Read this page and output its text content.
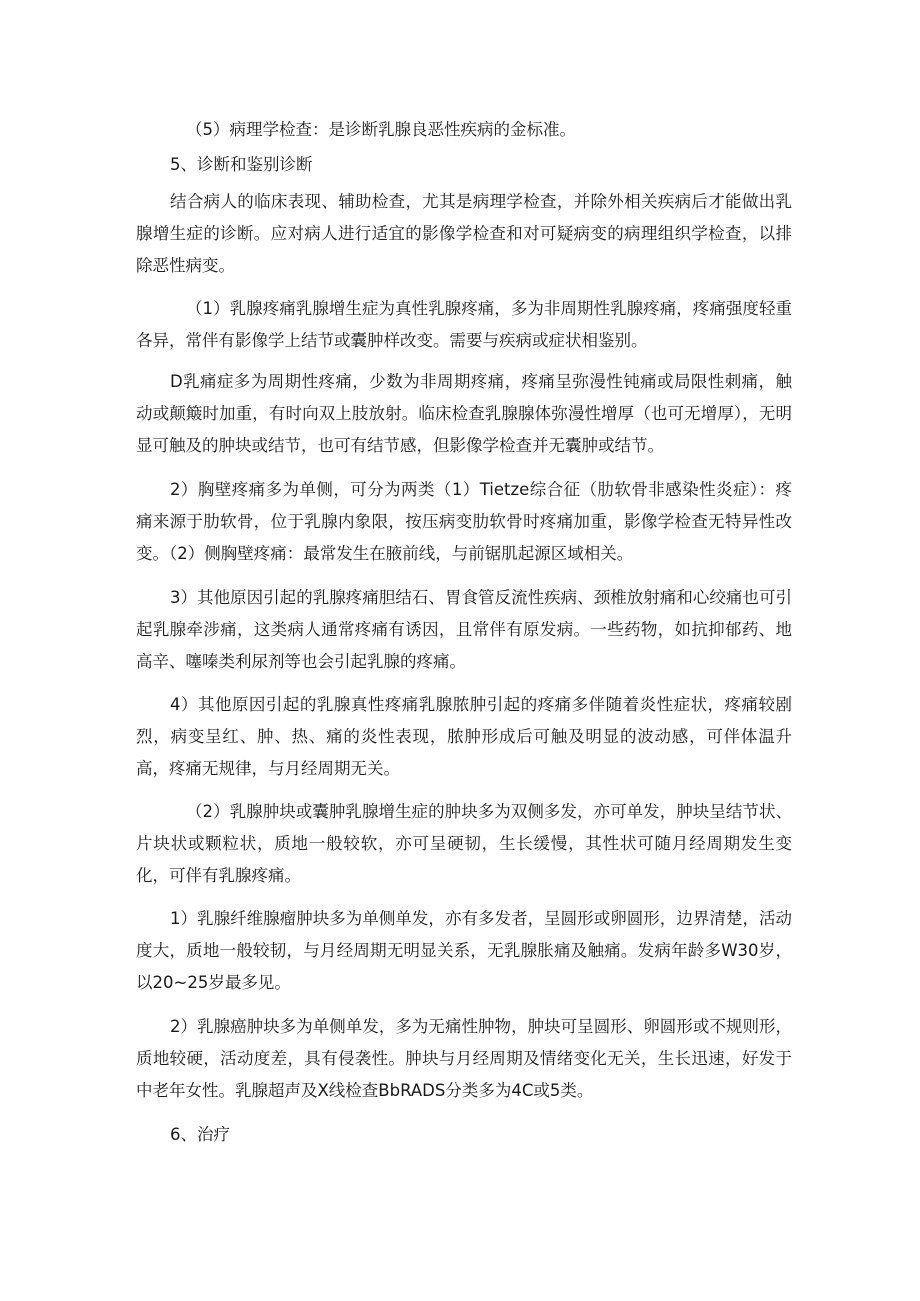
（5）病理学检查：是诊断乳腺良恶性疾病的金标准。

5、诊断和鉴别诊断

结合病人的临床表现、辅助检查，尤其是病理学检查，并除外相关疾病后才能做出乳腺增生症的诊断。应对病人进行适宜的影像学检查和对可疑病变的病理组织学检查，以排除恶性病变。

（1）乳腺疼痛乳腺增生症为真性乳腺疼痛，多为非周期性乳腺疼痛，疼痛强度轻重各异，常伴有影像学上结节或囊肿样改变。需要与疾病或症状相鉴别。

D乳痛症多为周期性疼痛，少数为非周期疼痛，疼痛呈弥漫性钝痛或局限性刺痛，触动或颠簸时加重，有时向双上肢放射。临床检查乳腺腺体弥漫性增厚（也可无增厚），无明显可触及的肿块或结节，也可有结节感，但影像学检查并无囊肿或结节。

2）胸壁疼痛多为单侧，可分为两类（1）Tietze综合征（肋软骨非感染性炎症）：疼痛来源于肋软骨，位于乳腺内象限，按压病变肋软骨时疼痛加重，影像学检查无特异性改变。（2）侧胸壁疼痛：最常发生在腋前线，与前锯肌起源区域相关。

3）其他原因引起的乳腺疼痛胆结石、胃食管反流性疾病、颈椎放射痛和心绞痛也可引起乳腺牵涉痛，这类病人通常疼痛有诱因，且常伴有原发病。一些药物，如抗抑郁药、地高辛、噻嗪类利尿剂等也会引起乳腺的疼痛。

4）其他原因引起的乳腺真性疼痛乳腺脓肿引起的疼痛多伴随着炎性症状，疼痛较剧烈，病变呈红、肿、热、痛的炎性表现，脓肿形成后可触及明显的波动感，可伴体温升高，疼痛无规律，与月经周期无关。

（2）乳腺肿块或囊肿乳腺增生症的肿块多为双侧多发，亦可单发，肿块呈结节状、片块状或颗粒状，质地一般较软，亦可呈硬韧，生长缓慢，其性状可随月经周期发生变化，可伴有乳腺疼痛。

1）乳腺纤维腺瘤肿块多为单侧单发，亦有多发者，呈圆形或卵圆形，边界清楚，活动度大，质地一般较韧，与月经周期无明显关系，无乳腺胀痛及触痛。发病年龄多W30岁，以20~25岁最多见。

2）乳腺癌肿块多为单侧单发，多为无痛性肿物，肿块可呈圆形、卵圆形或不规则形，质地较硬，活动度差，具有侵袭性。肿块与月经周期及情绪变化无关，生长迅速，好发于中老年女性。乳腺超声及X线检查BbRADS分类多为4C或5类。

6、治疗
